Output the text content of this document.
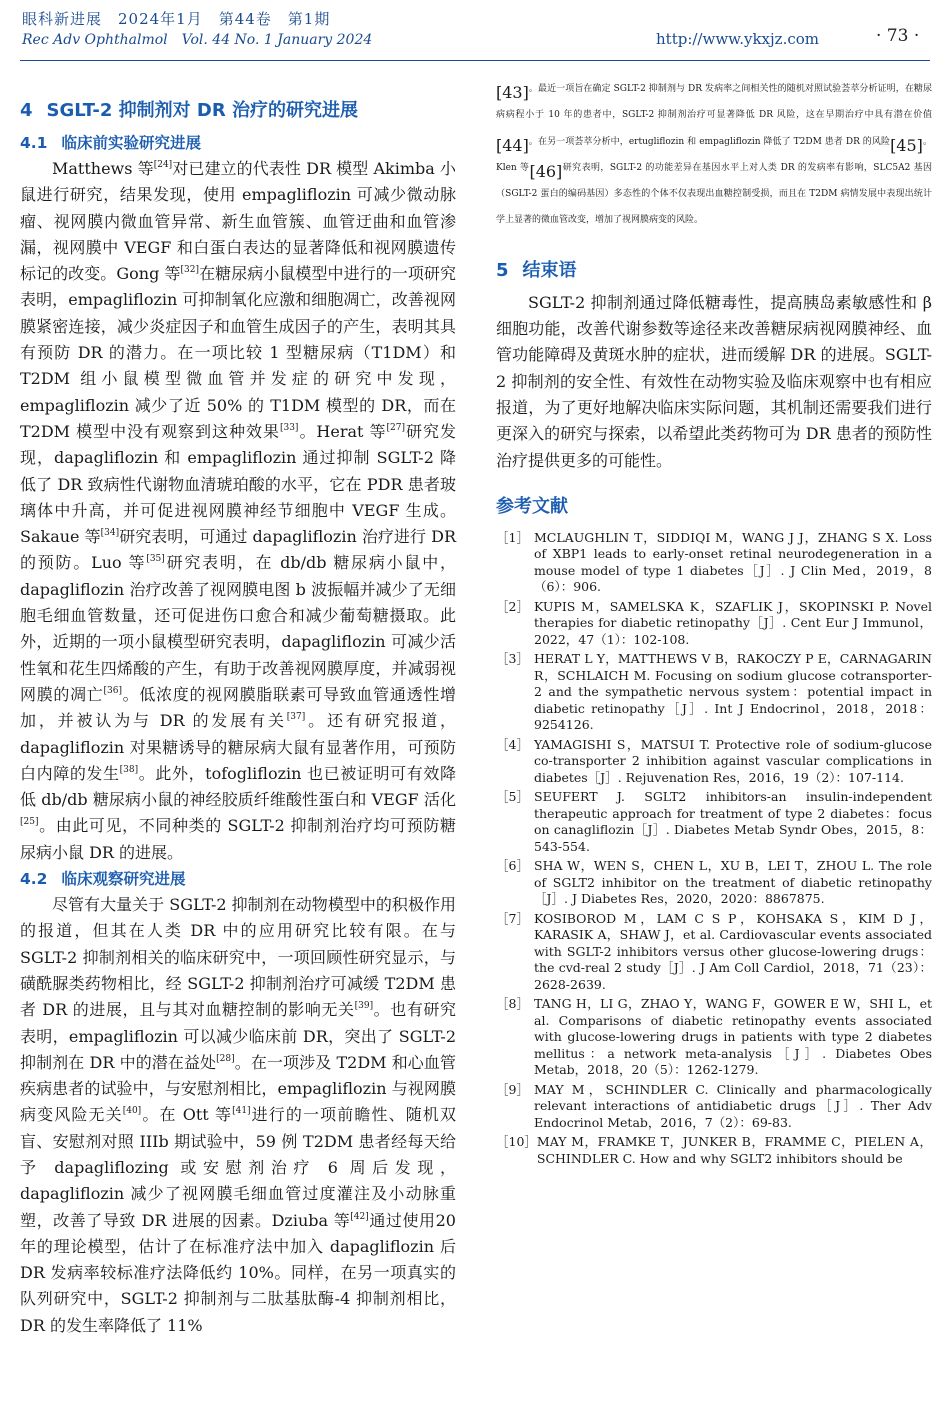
眼科新进展　2024年1月　第44卷　第1期
Rec Adv Ophthalmol　Vol. 44 No. 1 January 2024	http://www.ykxjz.com	· 73 ·
4 SGLT-2 抑制剂对 DR 治疗的研究进展
4.1 临床前实验研究进展

Matthews 等[24]对已建立的代表性 DR 模型 Akimba 小鼠进行研究，结果发现，使用 empagliflozin 可减少微动脉瘤、视网膜内微血管异常、新生血管簇、血管迂曲和血管渗漏，视网膜中 VEGF 和白蛋白表达的显著降低和视网膜遗传标记的改变。Gong 等[32]在糖尿病小鼠模型中进行的一项研究表明，empagliflozin 可抑制氧化应激和细胞凋亡，改善视网膜紧密连接，减少炎症因子和血管生成因子的产生，表明其具有预防 DR 的潜力。在一项比较 1 型糖尿病（T1DM）和 T2DM 组小鼠模型微血管并发症的研究中发现，empagliflozin 减少了近 50% 的 T1DM 模型的 DR，而在 T2DM 模型中没有观察到这种效果[33]。Herat 等[27]研究发现，dapagliflozin 和 empagliflozin 通过抑制 SGLT-2 降低了 DR 致病性代谢物血清琥珀酸的水平，它在 PDR 患者玻璃体中升高，并可促进视网膜神经节细胞中 VEGF 生成。Sakaue 等[34]研究表明，可通过 dapagliflozin 治疗进行 DR 的预防。Luo 等[35]研究表明，在 db/db 糖尿病小鼠中，dapagliflozin 治疗改善了视网膜电图 b 波振幅并减少了无细胞毛细血管数量，还可促进伤口愈合和减少葡萄糖摄取。此外，近期的一项小鼠模型研究表明，dapagliflozin 可减少活性氧和花生四烯酸的产生，有助于改善视网膜厚度，并减弱视网膜的凋亡[36]。低浓度的视网膜脂联素可导致血管通透性增加，并被认为与 DR 的发展有关[37]。还有研究报道，dapagliflozin 对果糖诱导的糖尿病大鼠有显著作用，可预防白内障的发生[38]。此外，tofogliflozin 也已被证明可有效降低 db/db 糖尿病小鼠的神经胶质纤维酸性蛋白和 VEGF 活化[25]。由此可见，不同种类的 SGLT-2 抑制剂治疗均可预防糖尿病小鼠 DR 的进展。

4.2 临床观察研究进展

尽管有大量关于 SGLT-2 抑制剂在动物模型中的积极作用的报道，但其在人类 DR 中的应用研究比较有限。在与 SGLT-2 抑制剂相关的临床研究中，一项回顾性研究显示，与磺酰脲类药物相比，经 SGLT-2 抑制剂治疗可减缓 T2DM 患者 DR 的进展，且与其对血糖控制的影响无关[39]。也有研究表明，empagliflozin 可以减少临床前 DR，突出了 SGLT-2 抑制剂在 DR 中的潜在益处[28]。在一项涉及 T2DM 和心血管疾病患者的试验中，与安慰剂相比，empagliflozin 与视网膜病变风险无关[40]。在 Ott 等[41]进行的一项前瞻性、随机双盲、安慰剂对照 IIIb 期试验中，59 例 T2DM 患者经每天给予 dapagliflozing 或安慰剂治疗 6 周后发现，dapagliflozin 减少了视网膜毛细血管过度灌注及小动脉重塑，改善了导致 DR 进展的因素。Dziuba 等[42]通过使用20 年的理论模型，估计了在标准疗法中加入 dapagliflozin 后 DR 发病率较标准疗法降低约 10%。同样，在另一项真实的队列研究中，SGLT-2 抑制剂与二肽基肽酶-4 抑制剂相比，DR 的发生率降低了 11%

$[43]^{。最近一项旨在确定 SGLT-2 抑制剂与 DR 发病率之间相关性的随机对照试验荟萃分析证明,在糖尿病病程小于 10 年的患者中,SGLT-2 抑制剂治疗可显著降低 DR 风险,这在早期治疗中具有潜在价值}[44]^{。在另一项荟萃分析中,ertugliflozin 和 empagliflozin 降低了 T2DM 患者 DR 的风险}[45]^{。Klen 等}[46]^{研究表明,SGLT-2 的功能差异在基因水平上对人类 DR 的发病率有影响,SLC5A2 基因(SGLT-2 蛋白的编码基因)多态性的个体不仅表现出血糖控制受损,而且在 T2DM 病情发展中表现出统计学上显著的微血管改变,增加了视网膜病变的风险。}$

5 结束语

SGLT-2 抑制剂通过降低糖毒性，提高胰岛素敏感性和 β 细胞功能，改善代谢参数等途径来改善糖尿病视网膜神经、血管功能障碍及黄斑水肿的症状，进而缓解 DR 的进展。SGLT-2 抑制剂的安全性、有效性在动物实验及临床观察中也有相应报道，为了更好地解决临床实际问题，其机制还需要我们进行更深入的研究与探索，以希望此类药物可为 DR 患者的预防性治疗提供更多的可能性。

参考文献
［1］ MCLAUGHLIN T，SIDDIQI M，WANG J J，ZHANG S X. Loss of XBP1 leads to early-onset retinal neurodegeneration in a mouse model of type 1 diabetes［J］. J Clin Med，2019，8（6）：906.
［2］ KUPIS M，SAMELSKA K，SZAFLIK J，SKOPINSKI P. Novel therapies for diabetic retinopathy［J］. Cent Eur J Immunol，2022，47（1）：102-108.
［3］ HERAT L Y，MATTHEWS V B，RAKOCZY P E，CARNAGARIN R，SCHLAICH M. Focusing on sodium glucose cotransporter-2 and the sympathetic nervous system：potential impact in diabetic retinopathy［J］. Int J Endocrinol，2018，2018：9254126.
［4］ YAMAGISHI S，MATSUI T. Protective role of sodium-glucose co-transporter 2 inhibition against vascular complications in diabetes［J］. Rejuvenation Res，2016，19（2）：107-114.
［5］ SEUFERT J. SGLT2 inhibitors-an insulin-independent therapeutic approach for treatment of type 2 diabetes：focus on canagliflozin［J］. Diabetes Metab Syndr Obes，2015，8：543-554.
［6］ SHA W，WEN S，CHEN L，XU B，LEI T，ZHOU L. The role of SGLT2 inhibitor on the treatment of diabetic retinopathy［J］. J Diabetes Res，2020，2020：8867875.
［7］ KOSIBOROD M，LAM C S P，KOHSAKA S，KIM D J，KARASIK A，SHAW J，et al. Cardiovascular events associated with SGLT-2 inhibitors versus other glucose-lowering drugs：the cvd-real 2 study［J］. J Am Coll Cardiol，2018，71（23）：2628-2639.
［8］ TANG H，LI G，ZHAO Y，WANG F，GOWER E W，SHI L，et al. Comparisons of diabetic retinopathy events associated with glucose-lowering drugs in patients with type 2 diabetes mellitus：a network meta-analysis［J］. Diabetes Obes Metab，2018，20（5）：1262-1279.
［9］ MAY M，SCHINDLER C. Clinically and pharmacologically relevant interactions of antidiabetic drugs［J］. Ther Adv Endocrinol Metab，2016，7（2）：69-83.
［10］ MAY M，FRAMKE T，JUNKER B，FRAMME C，PIELEN A，SCHINDLER C. How and why SGLT2 inhibitors should be
